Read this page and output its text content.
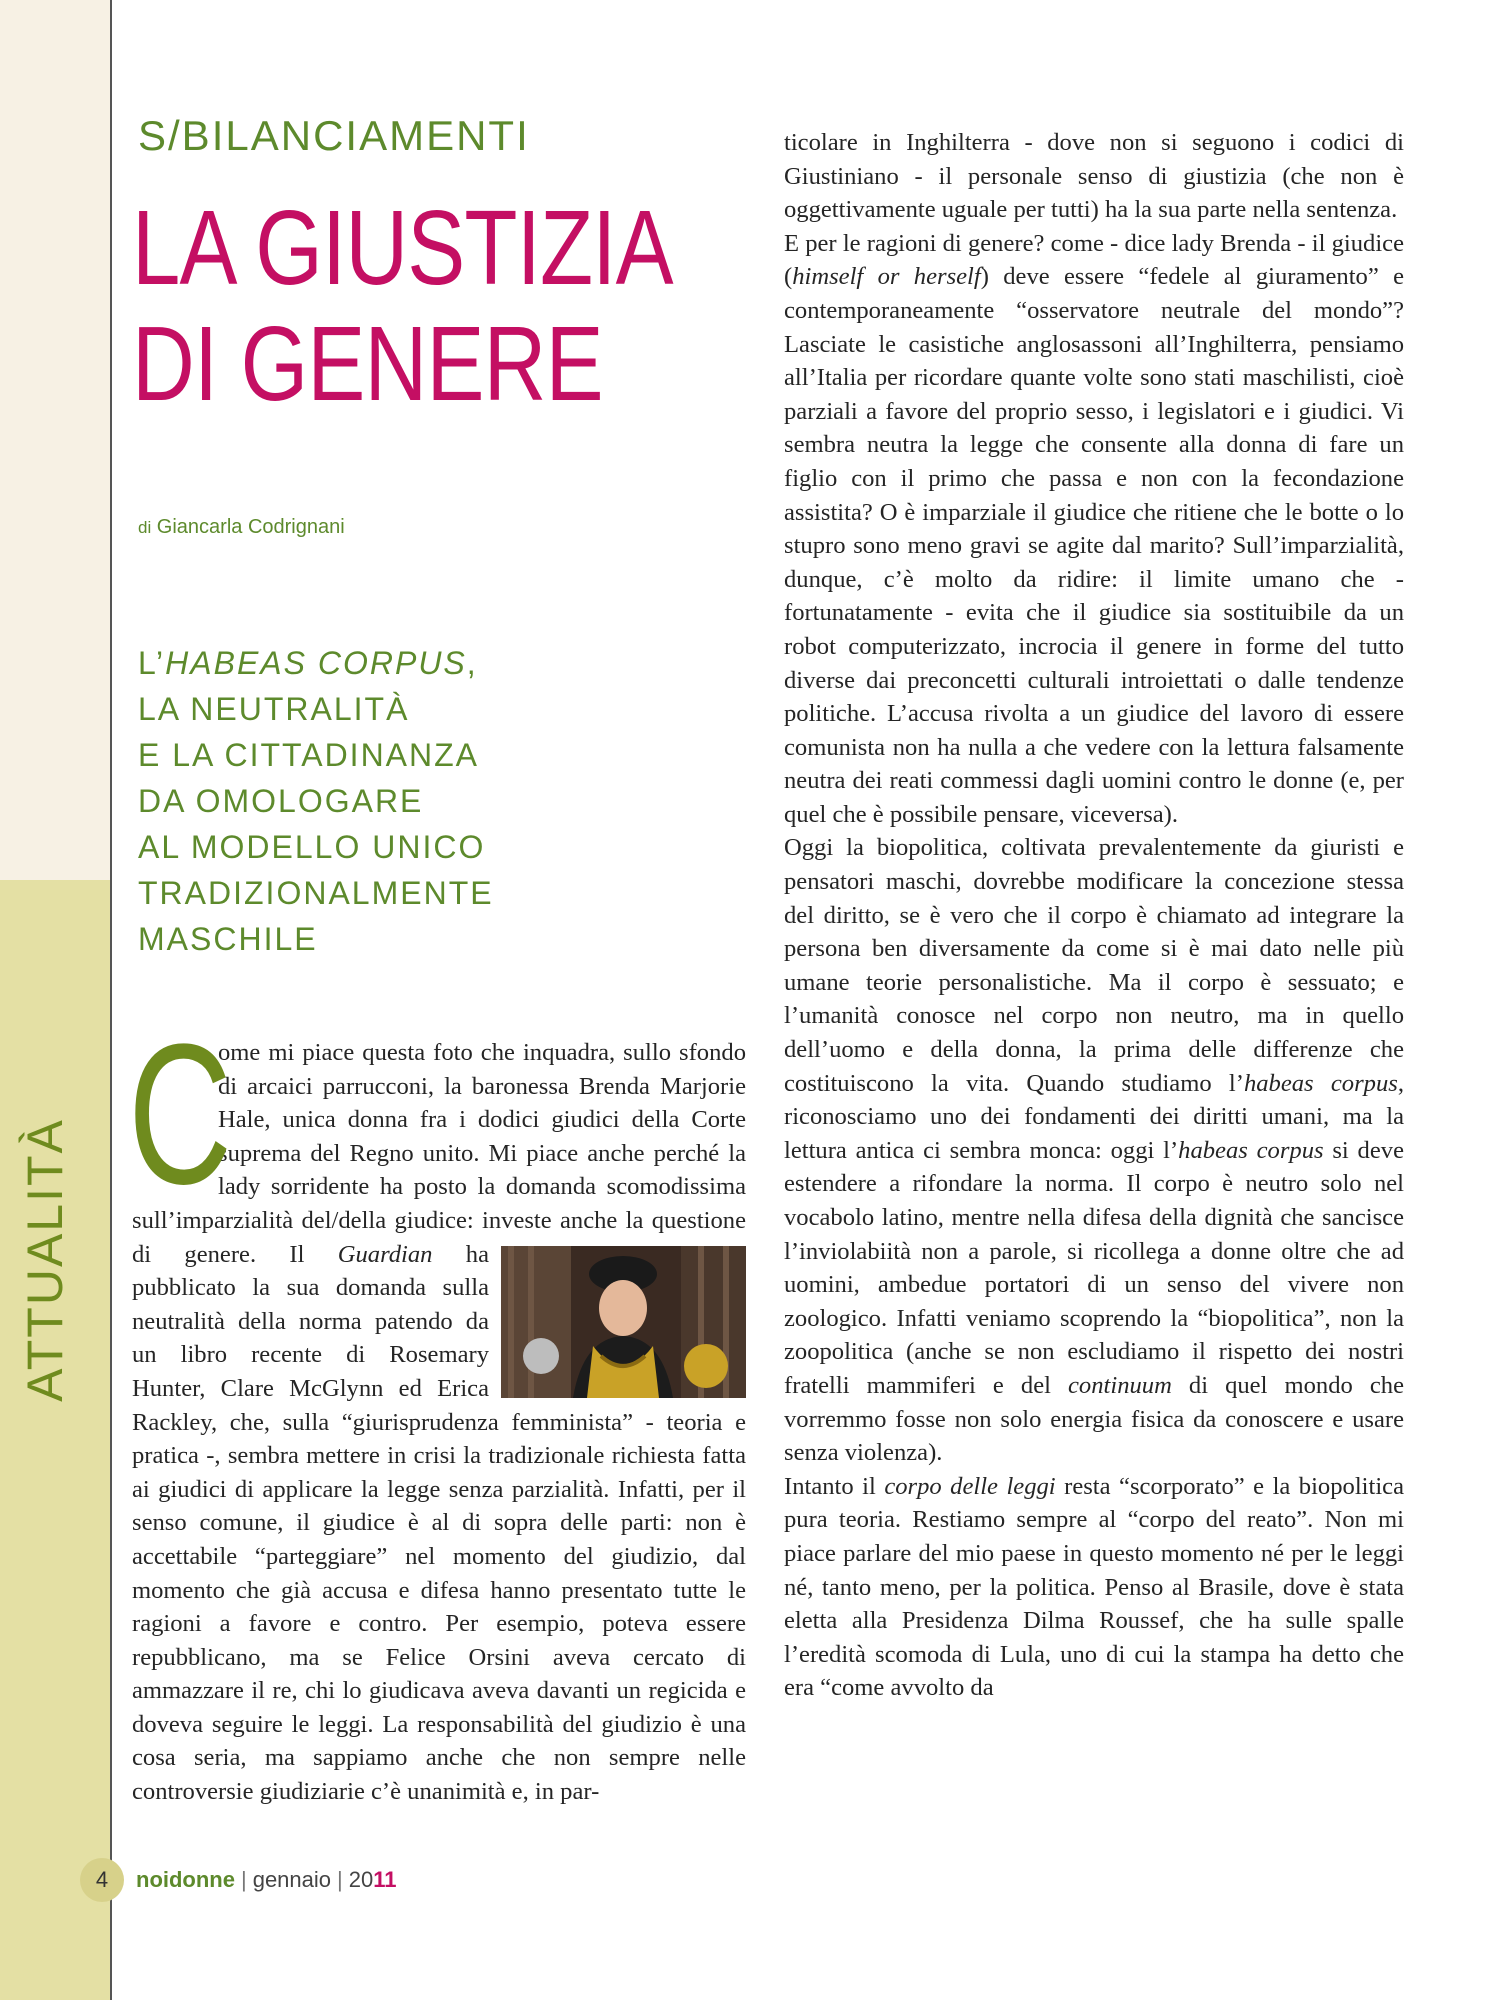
ATTUALITÀ
S/BILANCIAMENTI
LA GIUSTIZIA
DI GENERE
di Giancarla Codrignani
L’HABEAS CORPUS,
LA NEUTRALITÀ
E LA CITTADINANZA
DA OMOLOGARE
AL MODELLO UNICO
TRADIZIONALMENTE
MASCHILE
C

ome mi piace questa foto che inquadra, sullo sfondo di arcaici parrucconi, la baronessa Brenda Marjorie Hale, unica donna fra i dodici giudici della Corte suprema del Regno unito. Mi piace anche perché la lady sorridente ha posto la domanda scomodissima sull’imparzialità del/della giudice: investe anche la questione di genere. Il Guardian ha pubblicato la sua domanda sulla neutralità della norma patendo da un libro recente di Rosemary Hunter, Clare McGlynn ed Erica Rackley, che, sulla “giurisprudenza femminista” - teoria e pratica -, sembra mettere in crisi la tradizionale richiesta fatta ai giudici di applicare la legge senza parzialità. Infatti, per il senso comune, il giudice è al di sopra delle parti: non è accettabile “parteggiare” nel momento del giudizio, dal momento che già accusa e difesa hanno presentato tutte le ragioni a favore e contro. Per esempio, poteva essere repubblicano, ma se Felice Orsini aveva cercato di ammazzare il re, chi lo giudicava aveva davanti un regicida e doveva seguire le leggi. La responsabilità del giudizio è una cosa seria, ma sappiamo anche che non sempre nelle controversie giudiziarie c’è unanimità e, in par-

ticolare in Inghilterra - dove non si seguono i codici di Giustiniano - il personale senso di giustizia (che non è oggettivamente uguale per tutti) ha la sua parte nella sentenza.

E per le ragioni di genere? come - dice lady Brenda - il giudice (himself or herself) deve essere “fedele al giuramento” e contemporaneamente “osservatore neutrale del mondo”? Lasciate le casistiche anglosassoni all’Inghilterra, pensiamo all’Italia per ricordare quante volte sono stati maschilisti, cioè parziali a favore del proprio sesso, i legislatori e i giudici. Vi sembra neutra la legge che consente alla donna di fare un figlio con il primo che passa e non con la fecondazione assistita? O è imparziale il giudice che ritiene che le botte o lo stupro sono meno gravi se agite dal marito? Sull’imparzialità, dunque, c’è molto da ridire: il limite umano che - fortunatamente - evita che il giudice sia sostituibile da un robot computerizzato, incrocia il genere in forme del tutto diverse dai preconcetti culturali introiettati o dalle tendenze politiche. L’accusa rivolta a un giudice del lavoro di essere comunista non ha nulla a che vedere con la lettura falsamente neutra dei reati commessi dagli uomini contro le donne (e, per quel che è possibile pensare, viceversa).

Oggi la biopolitica, coltivata prevalentemente da giuristi e pensatori maschi, dovrebbe modificare la concezione stessa del diritto, se è vero che il corpo è chiamato ad integrare la persona ben diversamente da come si è mai dato nelle più umane teorie personalistiche. Ma il corpo è sessuato; e l’umanità conosce nel corpo non neutro, ma in quello dell’uomo e della donna, la prima delle differenze che costituiscono la vita. Quando studiamo l’habeas corpus, riconosciamo uno dei fondamenti dei diritti umani, ma la lettura antica ci sembra monca: oggi l’habeas corpus si deve estendere a rifondare la norma. Il corpo è neutro solo nel vocabolo latino, mentre nella difesa della dignità che sancisce l’inviolabiità non a parole, si ricollega a donne oltre che ad uomini, ambedue portatori di un senso del vivere non zoologico. Infatti veniamo scoprendo la “biopolitica”, non la zoopolitica (anche se non escludiamo il rispetto dei nostri fratelli mammiferi e del continuum di quel mondo che vorremmo fosse non solo energia fisica da conoscere e usare senza violenza).

Intanto il corpo delle leggi resta “scorporato” e la biopolitica pura teoria. Restiamo sempre al “corpo del reato”. Non mi piace parlare del mio paese in questo momento né per le leggi né, tanto meno, per la politica. Penso al Brasile, dove è stata eletta alla Presidenza Dilma Roussef, che ha sulle spalle l’eredità scomoda di Lula, uno di cui la stampa ha detto che era “come avvolto da

4	noidonne | gennaio | 2011
